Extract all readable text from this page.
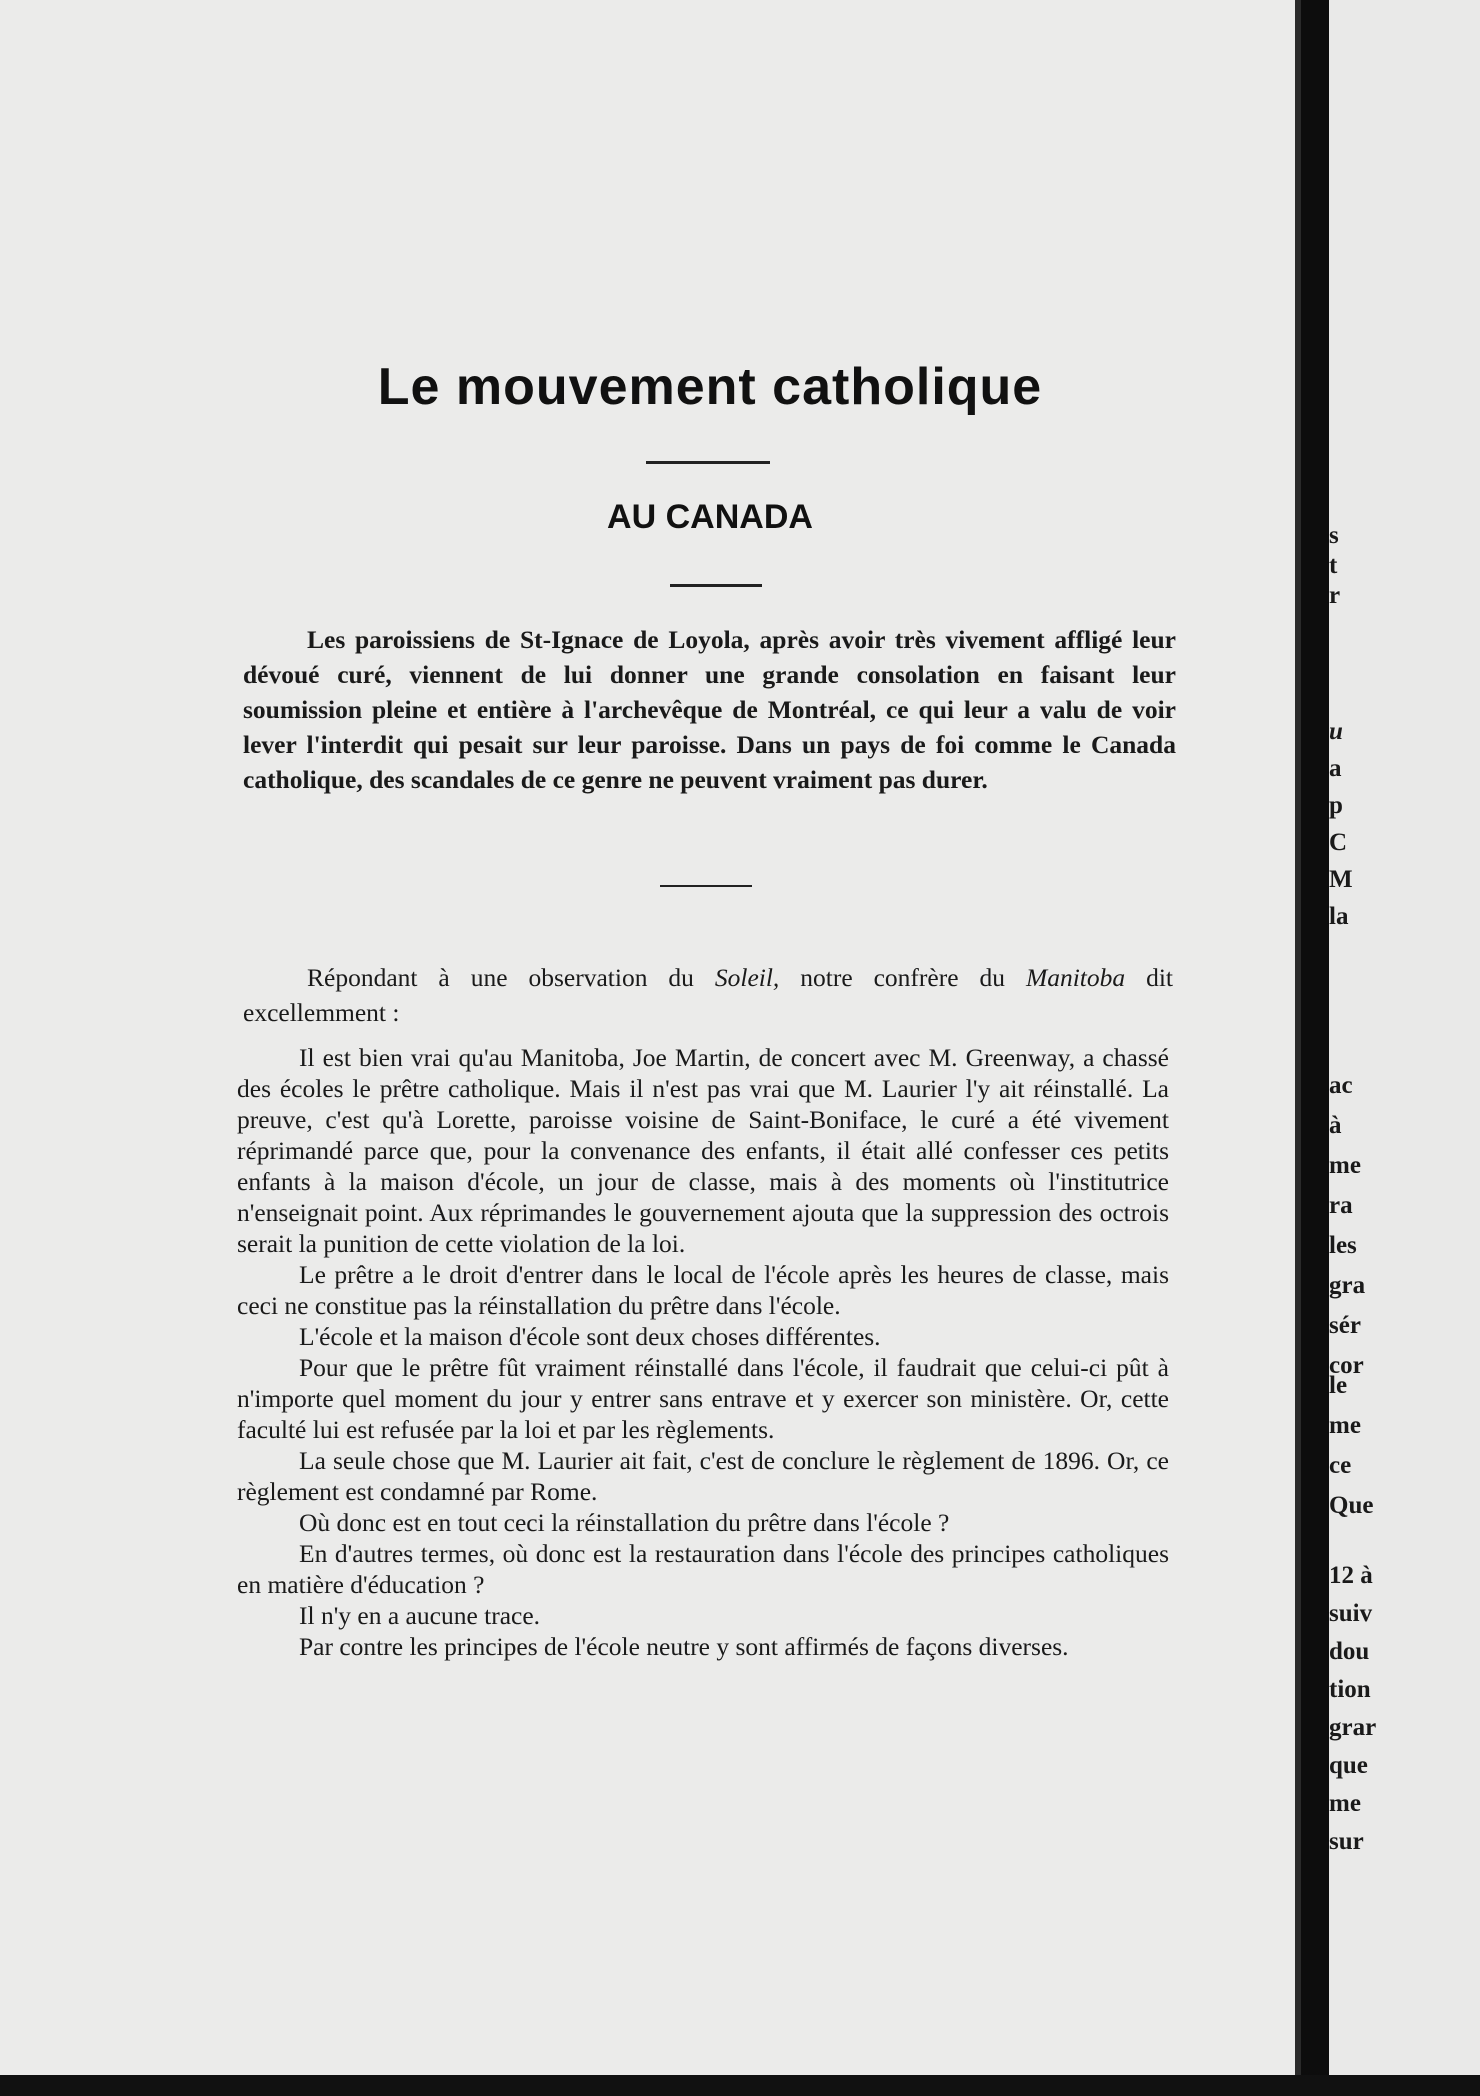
Le mouvement catholique
AU CANADA

Les paroissiens de St-Ignace de Loyola, après avoir très vivement affligé leur dévoué curé, viennent de lui donner une grande consolation en faisant leur soumission pleine et entière à l'archevêque de Montréal, ce qui leur a valu de voir lever l'interdit qui pesait sur leur paroisse. Dans un pays de foi comme le Canada catholique, des scandales de ce genre ne peuvent vraiment pas durer.

Répondant à une observation du Soleil, notre confrère du Manitoba dit excellemment :

Il est bien vrai qu'au Manitoba, Joe Martin, de concert avec M. Greenway, a chassé des écoles le prêtre catholique. Mais il n'est pas vrai que M. Laurier l'y ait réinstallé. La preuve, c'est qu'à Lorette, paroisse voisine de Saint-Boniface, le curé a été vivement réprimandé parce que, pour la convenance des enfants, il était allé confesser ces petits enfants à la maison d'école, un jour de classe, mais à des moments où l'institutrice n'enseignait point. Aux réprimandes le gouvernement ajouta que la suppression des octrois serait la punition de cette violation de la loi.

Le prêtre a le droit d'entrer dans le local de l'école après les heures de classe, mais ceci ne constitue pas la réinstallation du prêtre dans l'école.

L'école et la maison d'école sont deux choses différentes.

Pour que le prêtre fût vraiment réinstallé dans l'école, il faudrait que celui-ci pût à n'importe quel moment du jour y entrer sans entrave et y exercer son ministère. Or, cette faculté lui est refusée par la loi et par les règlements.

La seule chose que M. Laurier ait fait, c'est de conclure le règlement de 1896. Or, ce règlement est condamné par Rome.

Où donc est en tout ceci la réinstallation du prêtre dans l'école ?

En d'autres termes, où donc est la restauration dans l'école des principes catholiques en matière d'éducation ?

Il n'y en a aucune trace.

Par contre les principes de l'école neutre y sont affirmés de façons diverses.

s
t
r
u
a
p
C
M
la
ac
à
me
ra
les
gra
sér
cor
le
me
ce
Que
12 à
suiv
dou
tion
grar
que
me
sur
